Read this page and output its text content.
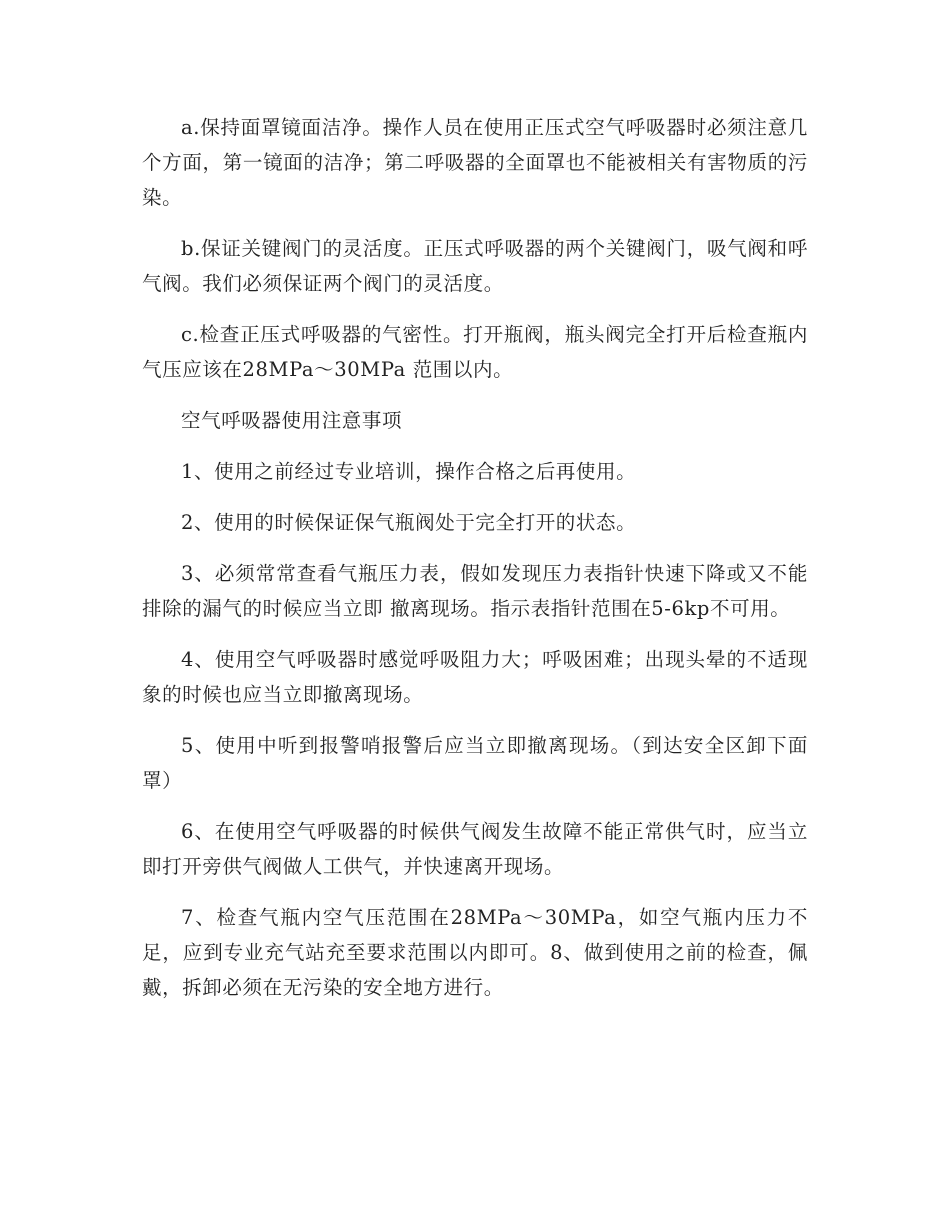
a.保持面罩镜面洁净。操作人员在使用正压式空气呼吸器时必须注意几个方面，第一镜面的洁净；第二呼吸器的全面罩也不能被相关有害物质的污染。

b.保证关键阀门的灵活度。正压式呼吸器的两个关键阀门，吸气阀和呼气阀。我们必须保证两个阀门的灵活度。

c.检查正压式呼吸器的气密性。打开瓶阀，瓶头阀完全打开后检查瓶内气压应该在28MPa～30MPa 范围以内。

空气呼吸器使用注意事项

1、使用之前经过专业培训，操作合格之后再使用。

2、使用的时候保证保气瓶阀处于完全打开的状态。

3、必须常常查看气瓶压力表，假如发现压力表指针快速下降或又不能排除的漏气的时候应当立即 撤离现场。指示表指针范围在5-6kp不可用。

4、使用空气呼吸器时感觉呼吸阻力大；呼吸困难；出现头晕的不适现象的时候也应当立即撤离现场。

5、使用中听到报警哨报警后应当立即撤离现场。（到达安全区卸下面罩）

6、在使用空气呼吸器的时候供气阀发生故障不能正常供气时，应当立即打开旁供气阀做人工供气，并快速离开现场。

7、检查气瓶内空气压范围在28MPa～30MPa，如空气瓶内压力不足，应到专业充气站充至要求范围以内即可。8、做到使用之前的检查，佩戴，拆卸必须在无污染的安全地方进行。
